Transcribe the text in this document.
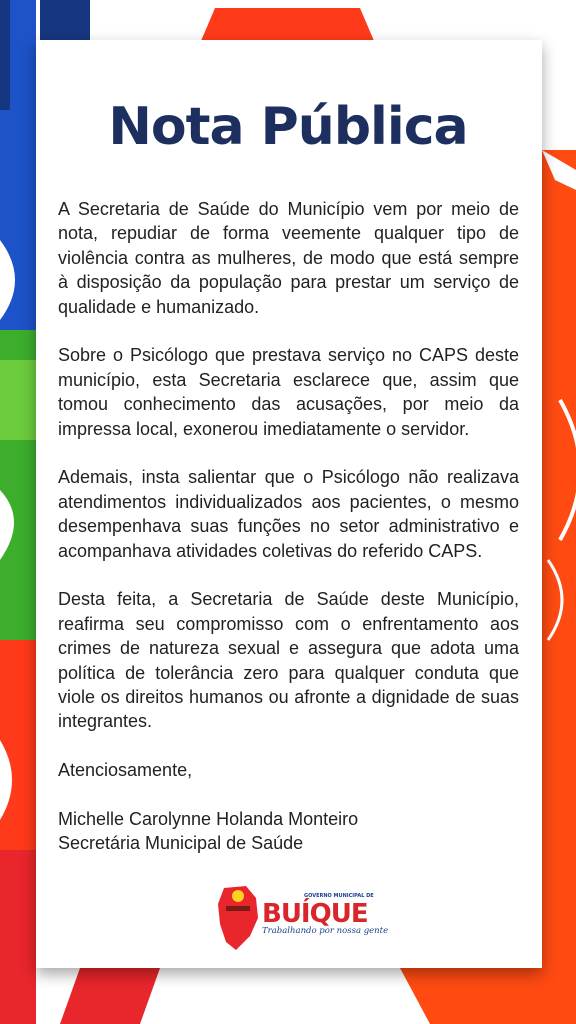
Nota Pública

A Secretaria de Saúde do Município vem por meio de nota, repudiar de forma veemente qualquer tipo de violência contra as mulheres, de modo que está sempre à disposição da população para prestar um serviço de qualidade e humanizado.

Sobre o Psicólogo que prestava serviço no CAPS deste município, esta Secretaria esclarece que, assim que tomou conhecimento das acusações, por meio da impressa local, exonerou imediatamente o servidor.

Ademais, insta salientar que o Psicólogo não realizava atendimentos individualizados aos pacientes, o mesmo desempenhava suas funções no setor administrativo e acompanhava atividades coletivas do referido CAPS.

Desta feita, a Secretaria de Saúde deste Município, reafirma seu compromisso com o enfrentamento aos crimes de natureza sexual e assegura que adota uma política de tolerância zero para qualquer conduta que viole os direitos humanos ou afronte a dignidade de suas integrantes.

Atenciosamente,
Michelle Carolynne Holanda Monteiro
Secretária Municipal de Saúde
GOVERNO MUNICIPAL DE
BUÍQUE
Trabalhando por nossa gente
